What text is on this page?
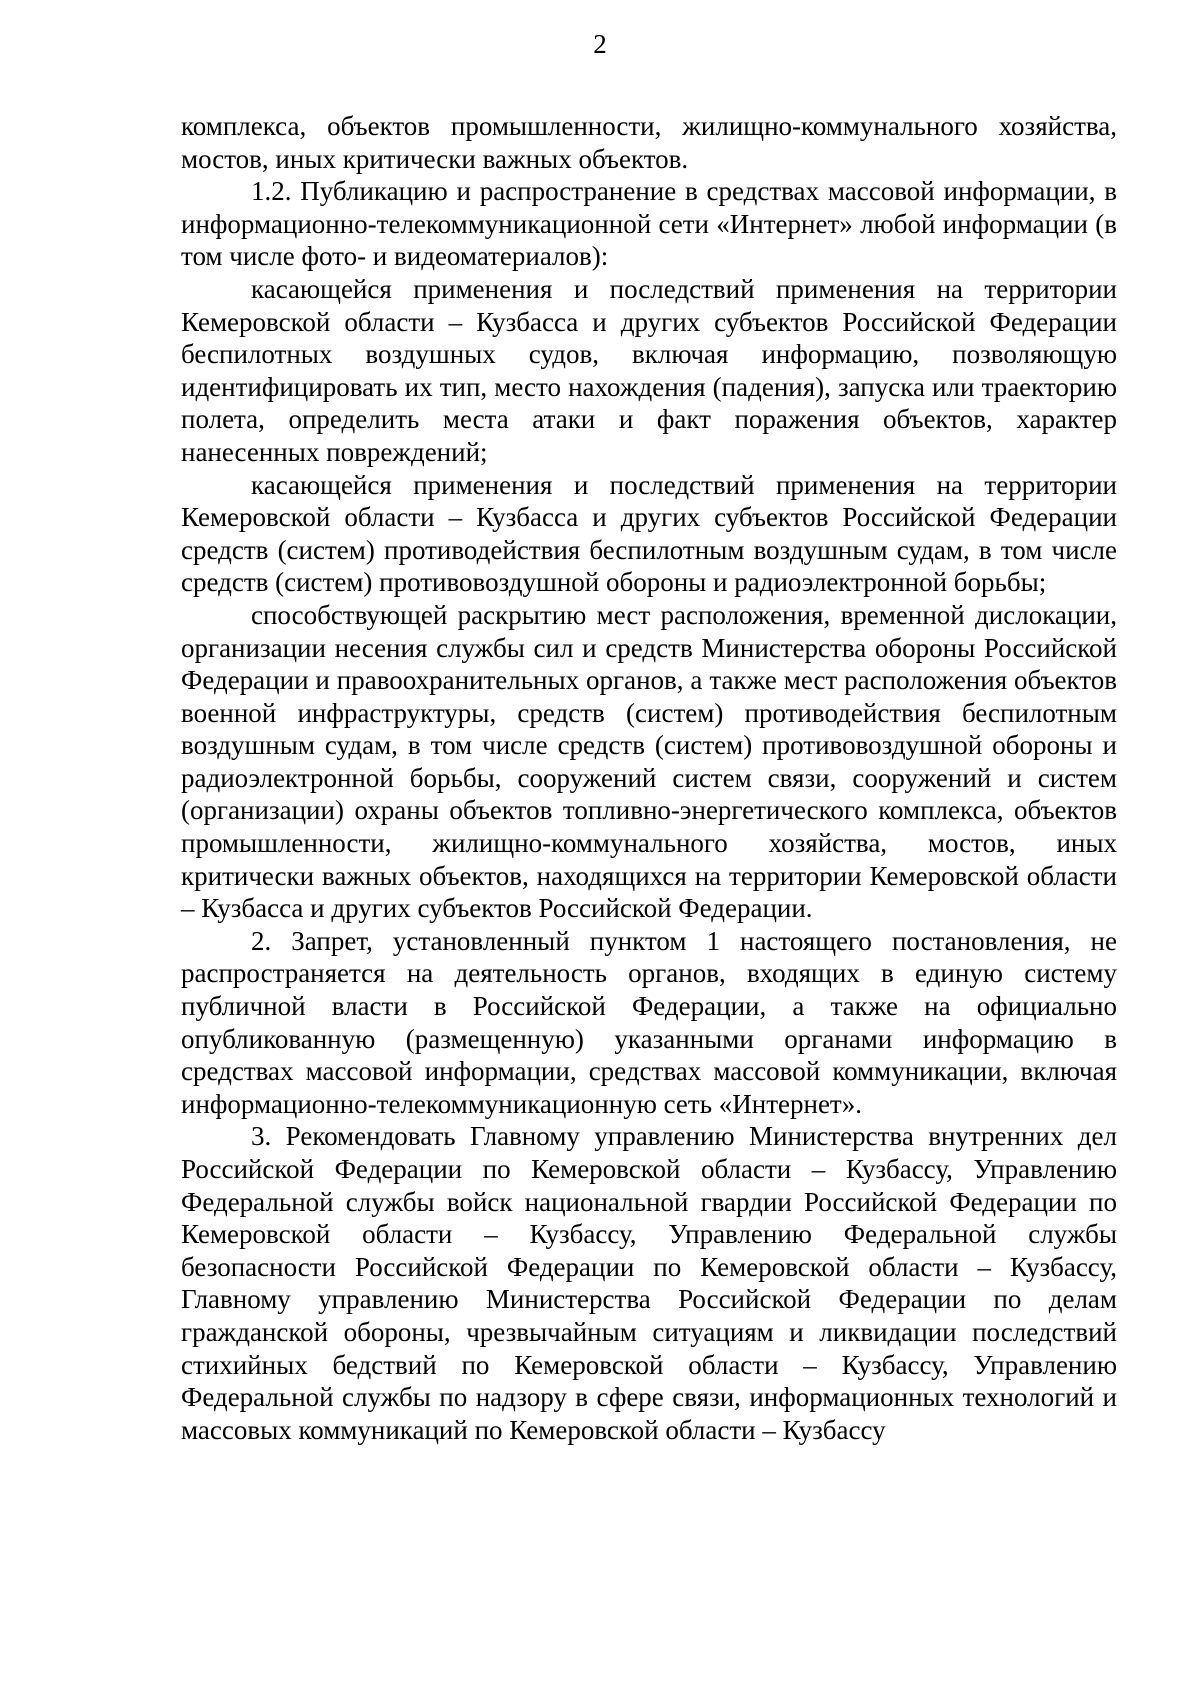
2

комплекса, объектов промышленности, жилищно-коммунального хозяйства, мостов, иных критически важных объектов.

1.2. Публикацию и распространение в средствах массовой информации, в информационно-телекоммуникационной сети «Интернет» любой информации (в том числе фото- и видеоматериалов):

касающейся применения и последствий применения на территории Кемеровской области – Кузбасса и других субъектов Российской Федерации беспилотных воздушных судов, включая информацию, позволяющую идентифицировать их тип, место нахождения (падения), запуска или траекторию полета, определить места атаки и факт поражения объектов, характер нанесенных повреждений;

касающейся применения и последствий применения на территории Кемеровской области – Кузбасса и других субъектов Российской Федерации средств (систем) противодействия беспилотным воздушным судам, в том числе средств (систем) противовоздушной обороны и радиоэлектронной борьбы;

способствующей раскрытию мест расположения, временной дислокации, организации несения службы сил и средств Министерства обороны Российской Федерации и правоохранительных органов, а также мест расположения объектов военной инфраструктуры, средств (систем) противодействия беспилотным воздушным судам, в том числе средств (систем) противовоздушной обороны и радиоэлектронной борьбы, сооружений систем связи, сооружений и систем (организации) охраны объектов топливно-энергетического комплекса, объектов промышленности, жилищно-коммунального хозяйства, мостов, иных критически важных объектов, находящихся на территории Кемеровской области – Кузбасса и других субъектов Российской Федерации.

2. Запрет, установленный пунктом 1 настоящего постановления, не распространяется на деятельность органов, входящих в единую систему публичной власти в Российской Федерации, а также на официально опубликованную (размещенную) указанными органами информацию в средствах массовой информации, средствах массовой коммуникации, включая информационно-телекоммуникационную сеть «Интернет».

3. Рекомендовать Главному управлению Министерства внутренних дел Российской Федерации по Кемеровской области – Кузбассу, Управлению Федеральной службы войск национальной гвардии Российской Федерации по Кемеровской области – Кузбассу, Управлению Федеральной службы безопасности Российской Федерации по Кемеровской области – Кузбассу, Главному управлению Министерства Российской Федерации по делам гражданской обороны, чрезвычайным ситуациям и ликвидации последствий стихийных бедствий по Кемеровской области – Кузбассу, Управлению Федеральной службы по надзору в сфере связи, информационных технологий и массовых коммуникаций по Кемеровской области – Кузбассу
